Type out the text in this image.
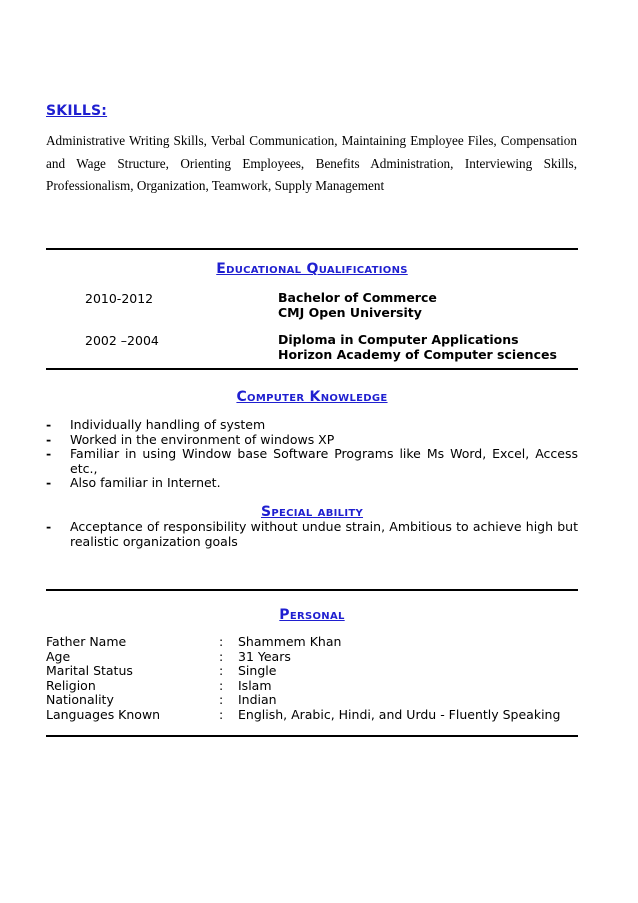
SKILLS:
Administrative Writing Skills, Verbal Communication, Maintaining Employee Files, Compensation and Wage Structure, Orienting Employees, Benefits Administration, Interviewing Skills, Professionalism, Organization, Teamwork, Supply Management
Educational Qualifications
2010-2012	Bachelor of Commerce
CMJ Open University
2002 –2004	Diploma in Computer Applications
Horizon Academy of Computer sciences
Computer Knowledge
-	Individually handling of system
-	Worked in the environment of windows XP
-	Familiar in using Window base Software Programs like Ms Word, Excel, Access etc.,
-	Also familiar in Internet.
Special ability
-	Acceptance of responsibility without undue strain, Ambitious to achieve high but realistic organization goals
Personal
Father Name	:	Shammem Khan
Age	:	31 Years
Marital Status	:	Single
Religion	:	Islam
Nationality	:	Indian
Languages Known	:	English, Arabic, Hindi, and Urdu - Fluently Speaking
